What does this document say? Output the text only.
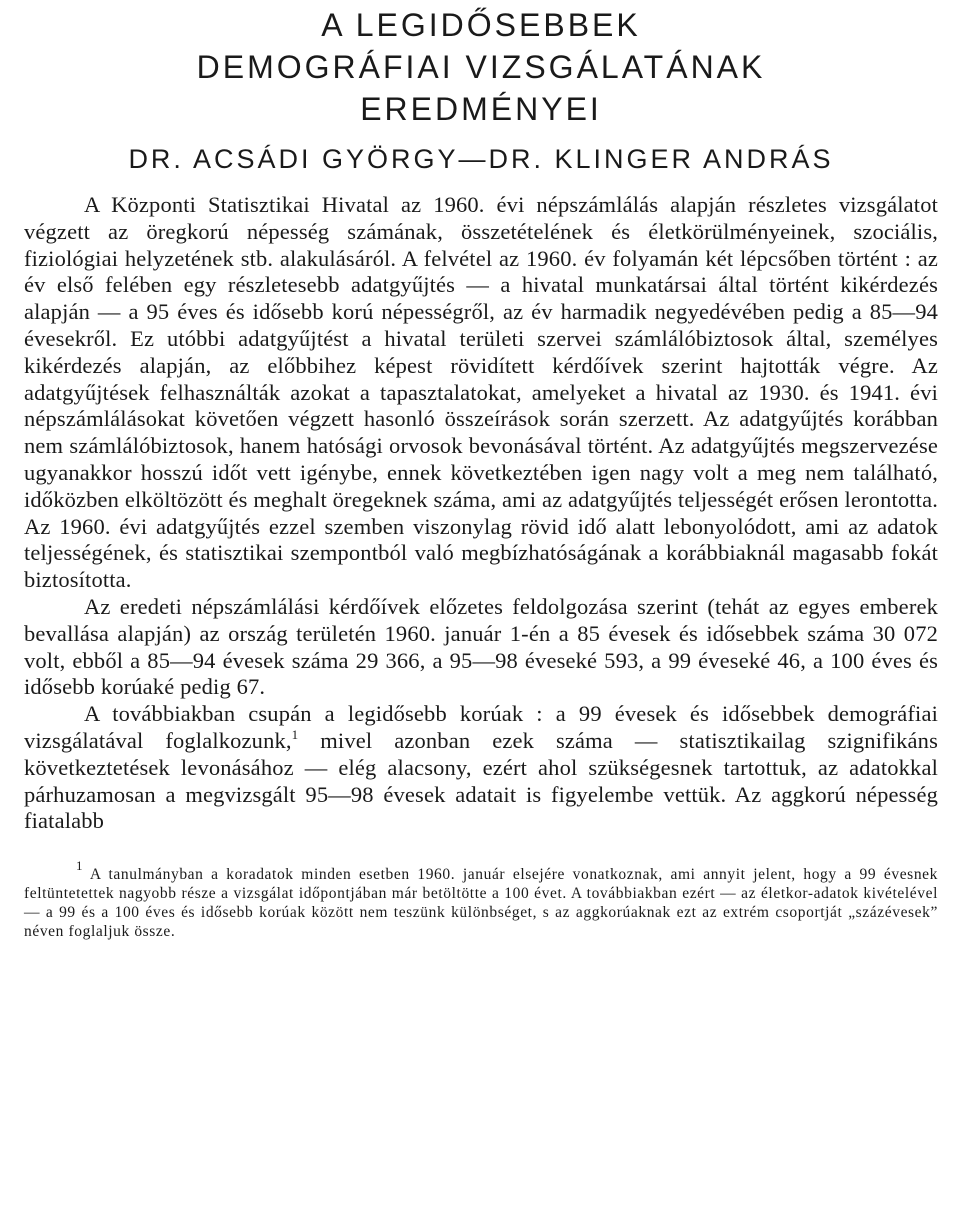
A LEGIDŐSEBBEK
DEMOGRÁFIAI VIZSGÁLATÁNAK
EREDMÉNYEI
DR. ACSÁDI GYÖRGY—DR. KLINGER ANDRÁS

A Központi Statisztikai Hivatal az 1960. évi népszámlálás alapján részletes vizsgálatot végzett az öregkorú népesség számának, összetételének és életkörülményeinek, szociális, fiziológiai helyzetének stb. alakulásáról. A felvétel az 1960. év folyamán két lépcsőben történt : az év első felében egy részletesebb adatgyűjtés — a hivatal munkatársai által történt kikérdezés alapján — a 95 éves és idősebb korú népességről, az év harmadik negyedévében pedig a 85—94 évesekről. Ez utóbbi adatgyűjtést a hivatal területi szervei számlálóbiztosok által, személyes kikérdezés alapján, az előbbihez képest rövidített kérdőívek szerint hajtották végre. Az adatgyűjtések felhasználták azokat a tapasztalatokat, amelyeket a hivatal az 1930. és 1941. évi népszámlálásokat követően végzett hasonló összeírások során szerzett. Az adatgyűjtés korábban nem számlálóbiztosok, hanem hatósági orvosok bevonásával történt. Az adatgyűjtés megszervezése ugyanakkor hosszú időt vett igénybe, ennek következtében igen nagy volt a meg nem található, időközben elköltözött és meghalt öregeknek száma, ami az adatgyűjtés teljességét erősen lerontotta. Az 1960. évi adatgyűjtés ezzel szemben viszonylag rövid idő alatt lebonyolódott, ami az adatok teljességének, és statisztikai szempontból való megbízhatóságának a korábbiaknál magasabb fokát biztosította.

Az eredeti népszámlálási kérdőívek előzetes feldolgozása szerint (tehát az egyes emberek bevallása alapján) az ország területén 1960. január 1-én a 85 évesek és idősebbek száma 30 072 volt, ebből a 85—94 évesek száma 29 366, a 95—98 éveseké 593, a 99 éveseké 46, a 100 éves és idősebb korúaké pedig 67.

A továbbiakban csupán a legidősebb korúak : a 99 évesek és idősebbek demográfiai vizsgálatával foglalkozunk,$^1$ mivel azonban ezek száma — statisztikailag szignifikáns következtetések levonásához — elég alacsony, ezért ahol szükségesnek tartottuk, az adatokkal párhuzamosan a megvizsgált 95—98 évesek adatait is figyelembe vettük. Az aggkorú népesség fiatalabb

$^1$ A tanulmányban a koradatok minden esetben 1960. január elsejére vonatkoznak, ami annyit jelent, hogy a 99 évesnek feltüntetettek nagyobb része a vizsgálat időpontjában már betöltötte a 100 évet. A továbbiakban ezért — az életkor-adatok kivételével — a 99 és a 100 éves és idősebb korúak között nem teszünk különbséget, s az aggkorúaknak ezt az extrém csoportját „százévesek” néven foglaljuk össze.
